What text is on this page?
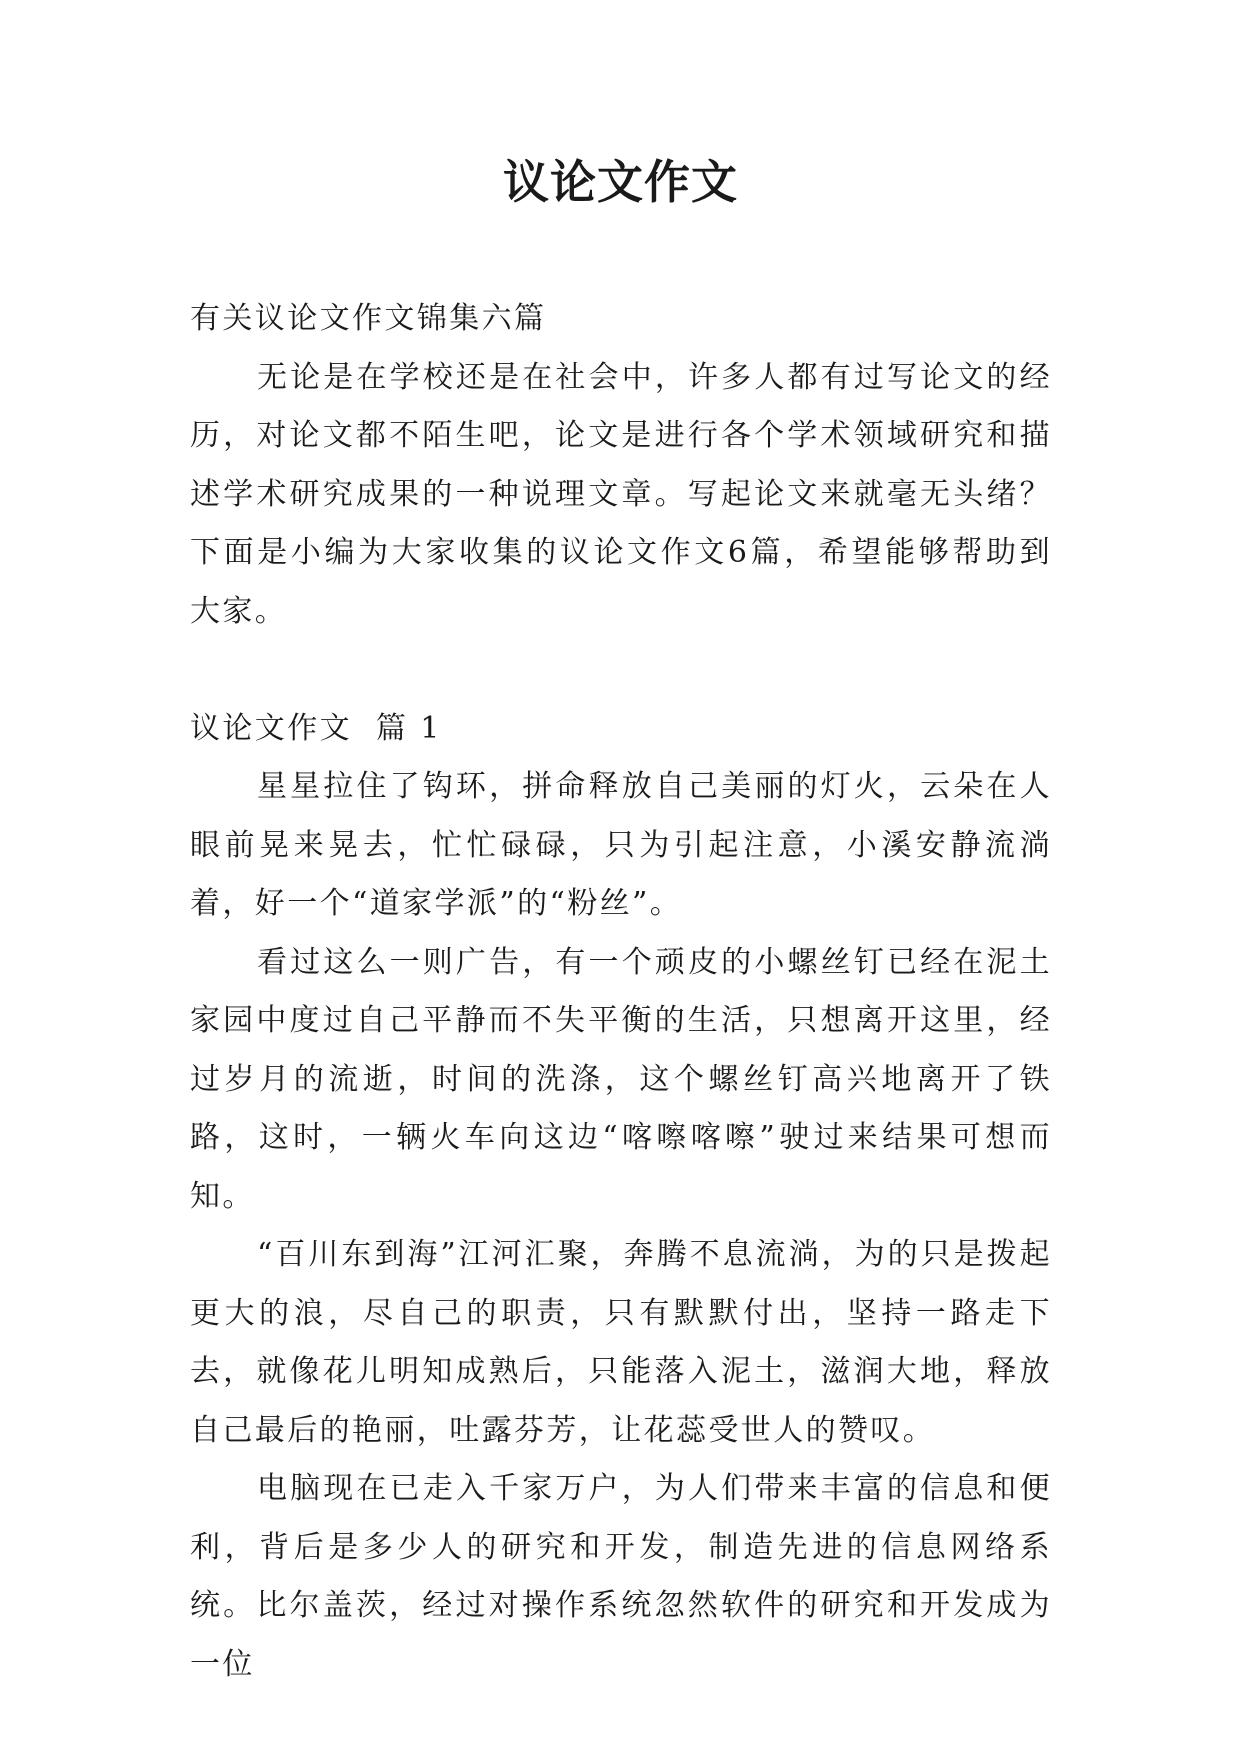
议论文作文

有关议论文作文锦集六篇

无论是在学校还是在社会中，许多人都有过写论文的经历，对论文都不陌生吧，论文是进行各个学术领域研究和描述学术研究成果的一种说理文章。写起论文来就毫无头绪？下面是小编为大家收集的议论文作文6篇，希望能够帮助到大家。

议论文作文  篇 1

星星拉住了钩环，拼命释放自己美丽的灯火，云朵在人眼前晃来晃去，忙忙碌碌，只为引起注意，小溪安静流淌着，好一个“道家学派”的“粉丝”。

看过这么一则广告，有一个顽皮的小螺丝钉已经在泥土家园中度过自己平静而不失平衡的生活，只想离开这里，经过岁月的流逝，时间的洗涤，这个螺丝钉高兴地离开了铁路，这时，一辆火车向这边“喀嚓喀嚓”驶过来结果可想而知。

“百川东到海”江河汇聚，奔腾不息流淌，为的只是拨起更大的浪，尽自己的职责，只有默默付出，坚持一路走下去，就像花儿明知成熟后，只能落入泥土，滋润大地，释放自己最后的艳丽，吐露芬芳，让花蕊受世人的赞叹。

电脑现在已走入千家万户，为人们带来丰富的信息和便利，背后是多少人的研究和开发，制造先进的信息网络系统。比尔盖茨，经过对操作系统忽然软件的研究和开发成为一位
